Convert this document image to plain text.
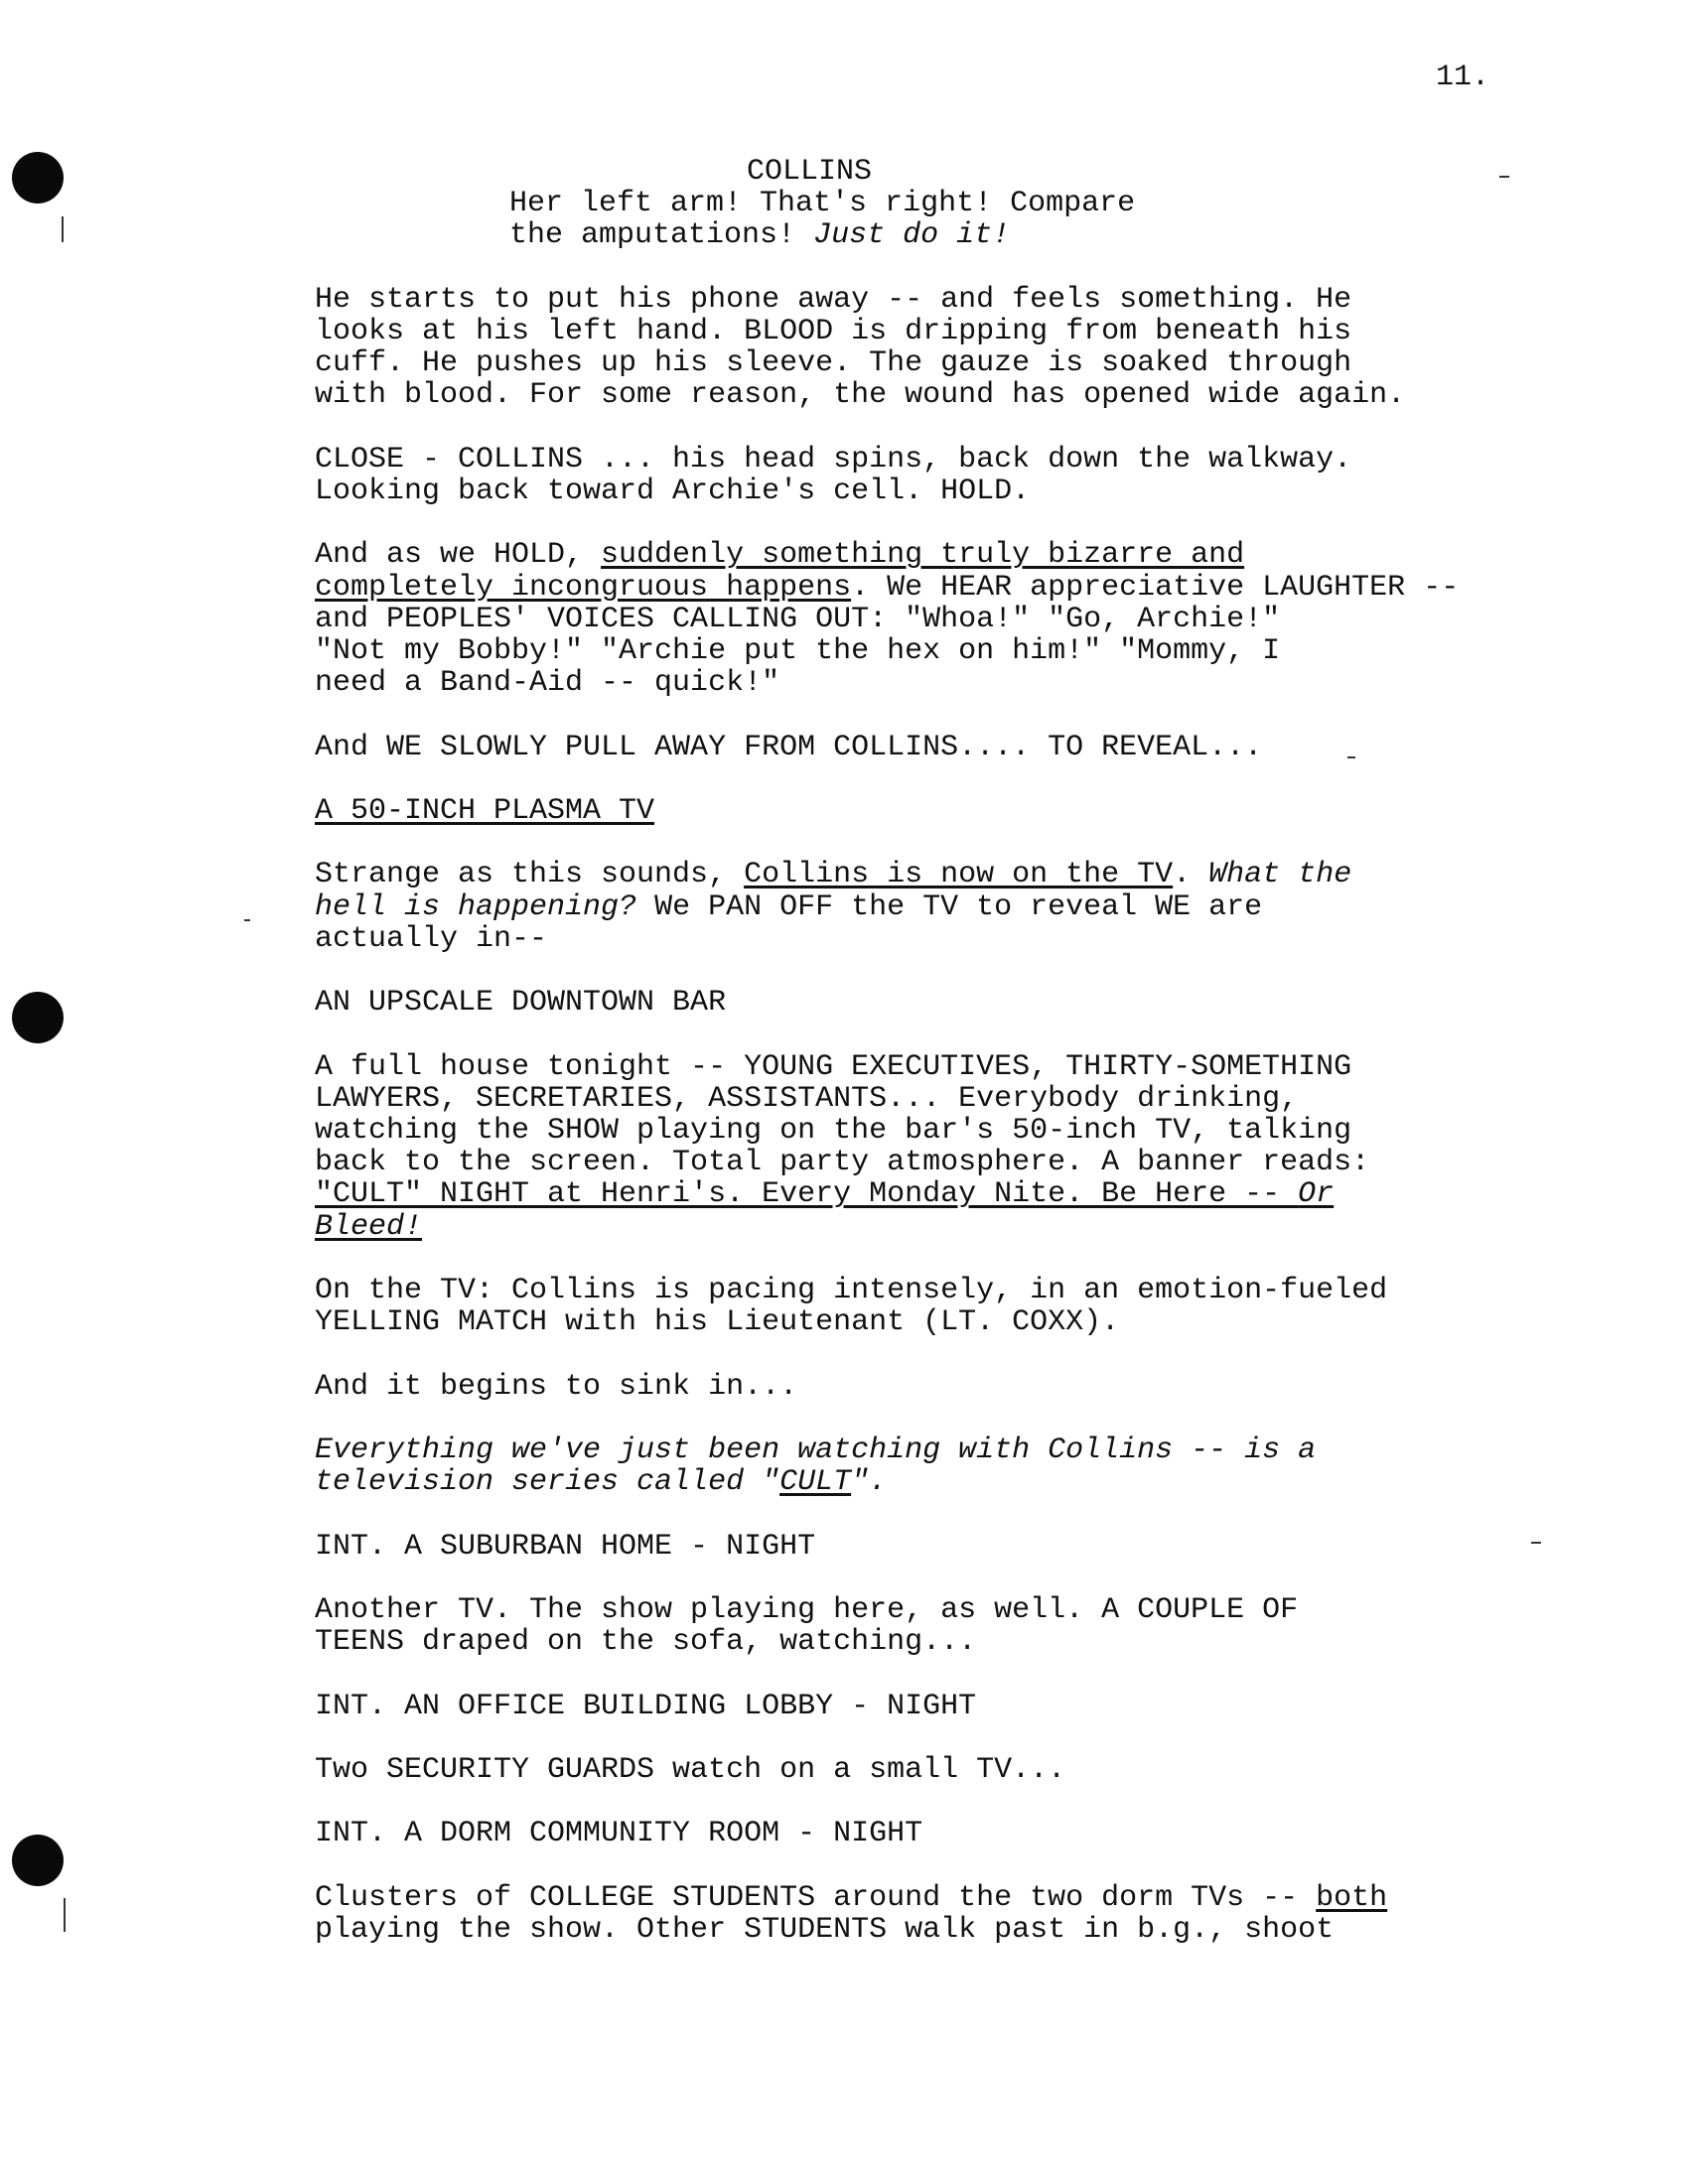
11.
COLLINS
Her left arm! That's right! Compare
the amputations! Just do it!
He starts to put his phone away -- and feels something. He
looks at his left hand. BLOOD is dripping from beneath his
cuff. He pushes up his sleeve. The gauze is soaked through
with blood. For some reason, the wound has opened wide again.
CLOSE - COLLINS ... his head spins, back down the walkway.
Looking back toward Archie's cell. HOLD.
And as we HOLD, suddenly something truly bizarre and
completely incongruous happens. We HEAR appreciative LAUGHTER --
and PEOPLES' VOICES CALLING OUT: "Whoa!" "Go, Archie!"
"Not my Bobby!" "Archie put the hex on him!" "Mommy, I
need a Band-Aid -- quick!"
And WE SLOWLY PULL AWAY FROM COLLINS.... TO REVEAL...
A 50-INCH PLASMA TV
Strange as this sounds, Collins is now on the TV. What the
hell is happening? We PAN OFF the TV to reveal WE are
actually in--
AN UPSCALE DOWNTOWN BAR
A full house tonight -- YOUNG EXECUTIVES, THIRTY-SOMETHING
LAWYERS, SECRETARIES, ASSISTANTS... Everybody drinking,
watching the SHOW playing on the bar's 50-inch TV, talking
back to the screen. Total party atmosphere. A banner reads:
"CULT" NIGHT at Henri's. Every Monday Nite. Be Here -- Or
Bleed!
On the TV: Collins is pacing intensely, in an emotion-fueled
YELLING MATCH with his Lieutenant (LT. COXX).
And it begins to sink in...
Everything we've just been watching with Collins -- is a
television series called "CULT".
INT. A SUBURBAN HOME - NIGHT
Another TV. The show playing here, as well. A COUPLE OF
TEENS draped on the sofa, watching...
INT. AN OFFICE BUILDING LOBBY - NIGHT
Two SECURITY GUARDS watch on a small TV...
INT. A DORM COMMUNITY ROOM - NIGHT
Clusters of COLLEGE STUDENTS around the two dorm TVs -- both
playing the show. Other STUDENTS walk past in b.g., shoot
